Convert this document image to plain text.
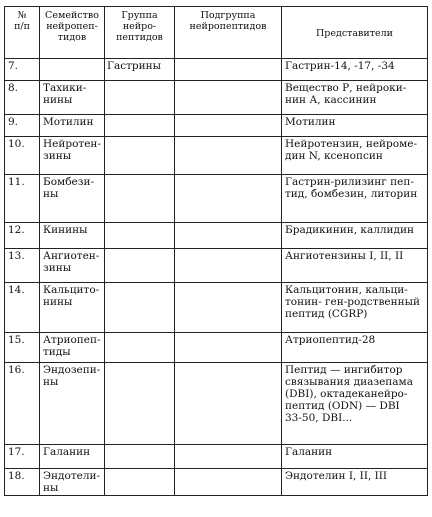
№
п/п	Семейство
нейропеп-
тидов	Группа
нейро-
пептидов	Подгруппа
нейропептидов	Представители
7.		Гастрины		Гастрин-14, -17, -34
8.	Тахики-
нины			Вещество Р, нейроки-
нин А, кассинин
9.	Мотилин			Мотилин
10.	Нейротен-
зины			Нейротензин, нейроме-
дин N, ксенопсин
11.	Бомбези-
ны			Гастрин-рилизинг пеп-
тид, бомбезин, литорин
12.	Кинины			Брадикинин, каллидин
13.	Ангиотен-
зины			Ангиотензины I, II, II
14.	Кальцито-
нины			Кальцитонин, кальци-
тонин- ген-родственный
пептид (CGRP)
15.	Атриопеп-
тиды			Атриопептид-28
16.	Эндозепи-
ны			Пептид — ингибитор
связывания диазепама
(DBI), октадеканейро-
пептид (ODN) — DBI
33-50, DBI...
17.	Галанин			Галанин
18.	Эндотели-
ны			Эндотелин I, II, III
